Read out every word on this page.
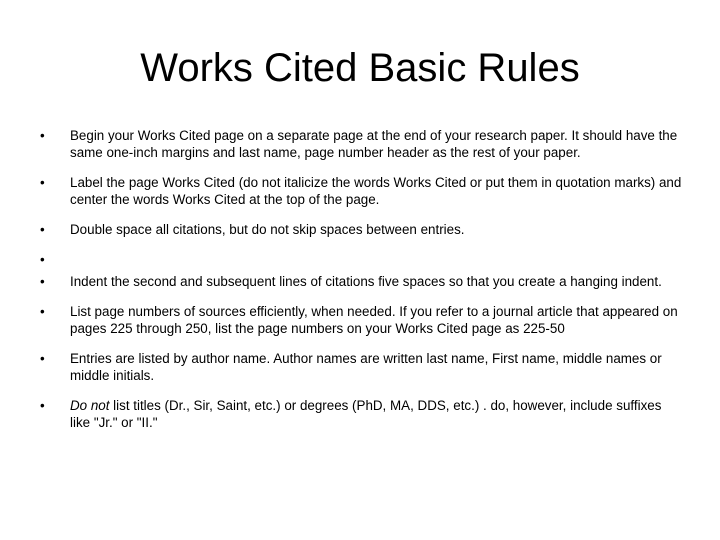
Works Cited Basic Rules
•	Begin your Works Cited page on a separate page at the end of your research paper. It should have the same one-inch margins and last name, page number header as the rest of your paper.
•	Label the page Works Cited (do not italicize the words Works Cited or put them in quotation marks) and center the words Works Cited at the top of the page.
•	Double space all citations, but do not skip spaces between entries.
•
•	Indent the second and subsequent lines of citations five spaces so that you create a hanging indent.
•	List page numbers of sources efficiently, when needed. If you refer to a journal article that appeared on pages 225 through 250, list the page numbers on your Works Cited page as 225-50
•	Entries are listed by author name. Author names are written last name, First name, middle names or middle initials.
•	Do not list titles (Dr., Sir, Saint, etc.) or degrees (PhD, MA, DDS, etc.) . do, however, include suffixes like "Jr." or "II."
